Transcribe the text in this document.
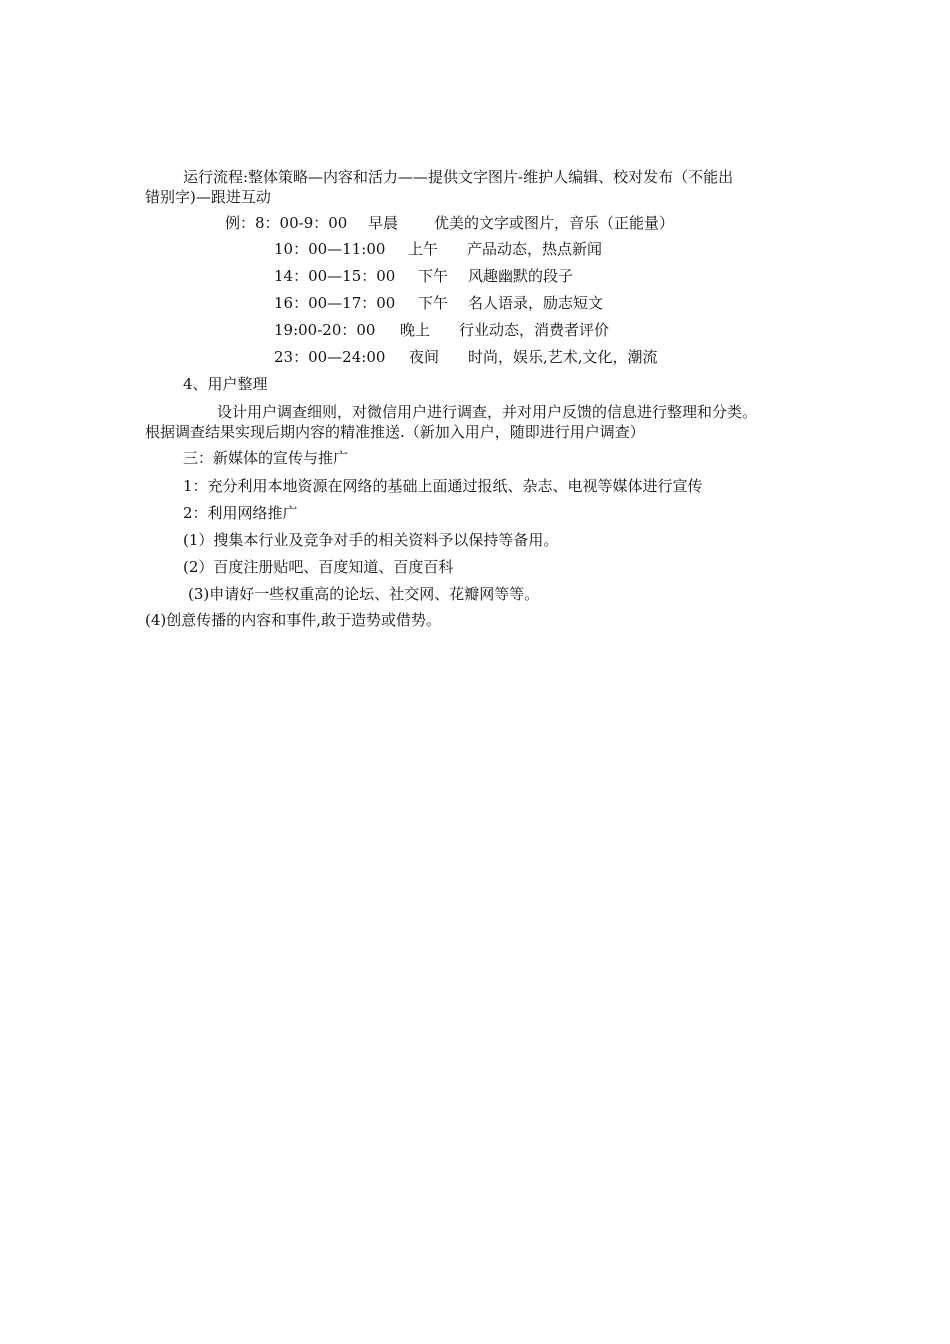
运行流程:整体策略—内容和活力——提供文字图片-维护人编辑、校对发布（不能出
错别字)—跟进互动
例：8：00-9：00 早晨 优美的文字或图片，音乐（正能量）
10：00—11:00 上午 产品动态，热点新闻
14：00—15：00 下午 风趣幽默的段子
16：00—17：00 下午 名人语录，励志短文
19:00-20：00 晚上 行业动态，消费者评价
23：00—24:00 夜间 时尚，娱乐,艺术,文化，潮流
4、用户整理
设计用户调查细则，对微信用户进行调查，并对用户反馈的信息进行整理和分类。
根据调查结果实现后期内容的精准推送.（新加入用户，随即进行用户调查）
三：新媒体的宣传与推广
1：充分利用本地资源在网络的基础上面通过报纸、杂志、电视等媒体进行宣传
2：利用网络推广
(1）搜集本行业及竞争对手的相关资料予以保持等备用。
(2）百度注册贴吧、百度知道、百度百科
(3)申请好一些权重高的论坛、社交网、花瓣网等等。
(4)创意传播的内容和事件,敢于造势或借势。
